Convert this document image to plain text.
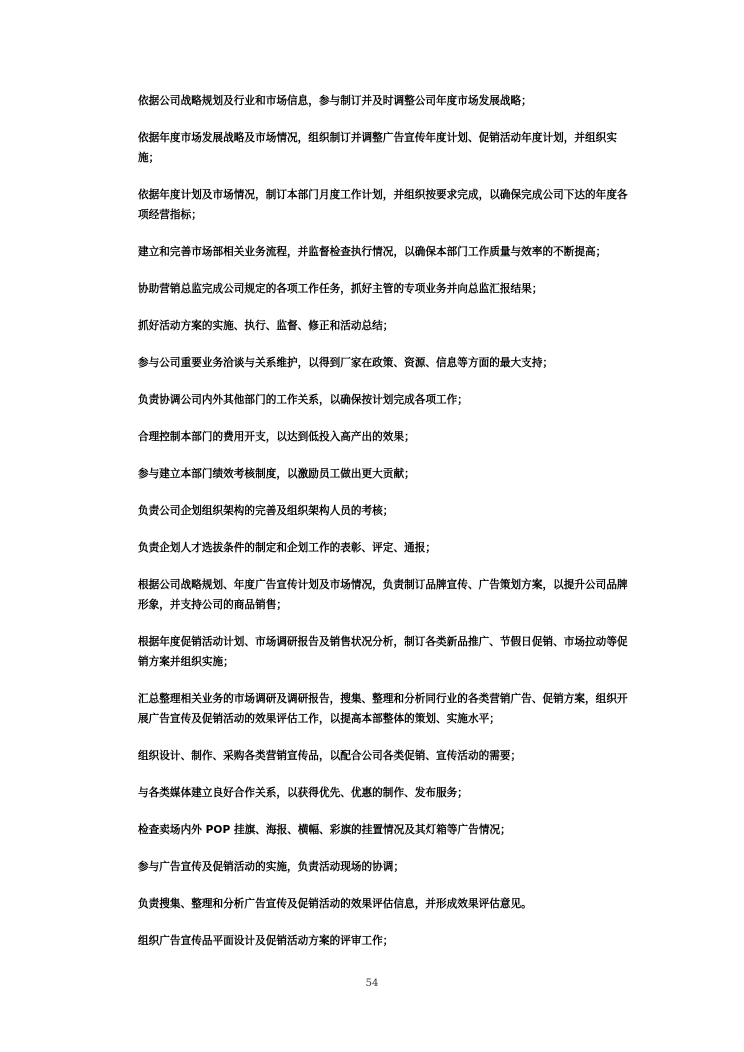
依据公司战略规划及行业和市场信息，参与制订并及时调整公司年度市场发展战略；

依据年度市场发展战略及市场情况，组织制订并调整广告宣传年度计划、促销活动年度计划，并组织实施；

依据年度计划及市场情况，制订本部门月度工作计划，并组织按要求完成，以确保完成公司下达的年度各项经营指标；

建立和完善市场部相关业务流程，并监督检查执行情况，以确保本部门工作质量与效率的不断提高；

协助营销总监完成公司规定的各项工作任务，抓好主管的专项业务并向总监汇报结果；

抓好活动方案的实施、执行、监督、修正和活动总结；

参与公司重要业务洽谈与关系维护，以得到厂家在政策、资源、信息等方面的最大支持；

负责协调公司内外其他部门的工作关系，以确保按计划完成各项工作；

合理控制本部门的费用开支，以达到低投入高产出的效果；

参与建立本部门绩效考核制度，以激励员工做出更大贡献；

负责公司企划组织架构的完善及组织架构人员的考核；

负责企划人才选拔条件的制定和企划工作的表彰、评定、通报；

根据公司战略规划、年度广告宣传计划及市场情况，负责制订品牌宣传、广告策划方案，以提升公司品牌形象，并支持公司的商品销售；

根据年度促销活动计划、市场调研报告及销售状况分析，制订各类新品推广、节假日促销、市场拉动等促销方案并组织实施；

汇总整理相关业务的市场调研及调研报告，搜集、整理和分析同行业的各类营销广告、促销方案，组织开展广告宣传及促销活动的效果评估工作，以提高本部整体的策划、实施水平；

组织设计、制作、采购各类营销宣传品，以配合公司各类促销、宣传活动的需要；

与各类媒体建立良好合作关系，以获得优先、优惠的制作、发布服务；

检查卖场内外 POP 挂旗、海报、横幅、彩旗的挂置情况及其灯箱等广告情况；

参与广告宣传及促销活动的实施，负责活动现场的协调；

负责搜集、整理和分析广告宣传及促销活动的效果评估信息，并形成效果评估意见。

组织广告宣传品平面设计及促销活动方案的评审工作；

54
